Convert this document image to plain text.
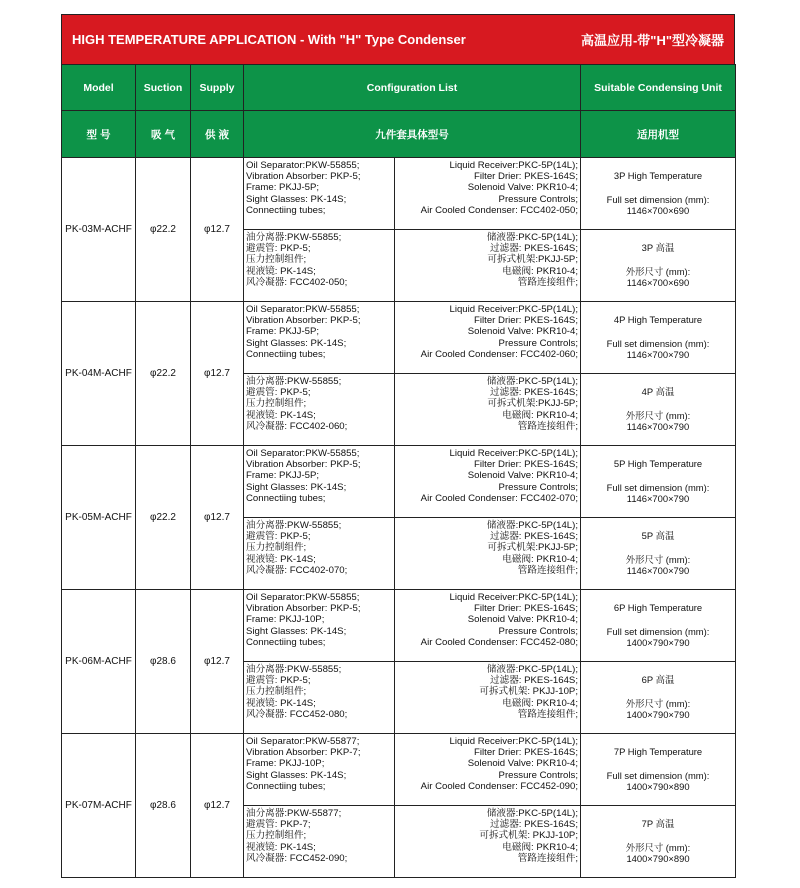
HIGH TEMPERATURE APPLICATION - With "H" Type Condenser	高温应用-带"H"型冷凝器
Model	Suction	Supply	Configuration List		Suitable Condensing Unit
型 号	吸 气	供 液	九件套具体型号		适用机型
PK-03M-ACHF	φ22.2	φ12.7	Oil Separator:PKW-55855;
Vibration Absorber: PKP-5;
Frame: PKJJ-5P;
Sight Glasses: PK-14S;
Connectiing tubes;	Liquid Receiver:PKC-5P(14L);
Filter Drier: PKES-164S;
Solenoid Valve: PKR10-4;
Pressure Controls;
Air Cooled Condenser: FCC402-050;	3P High Temperature
Full set dimension (mm):
1146×700×690

			油分离器:PKW-55855;
避震管: PKP-5;
压力控制组件;
视液镜: PK-14S;
风冷凝器: FCC402-050;	储液器:PKC-5P(14L);
过滤器: PKES-164S;
可拆式机架:PKJJ-5P;
电磁阀: PKR10-4;
管路连接组件;	3P 高温
外形尺寸 (mm):
1146×700×690

PK-04M-ACHF	φ22.2	φ12.7	Oil Separator:PKW-55855;
Vibration Absorber: PKP-5;
Frame: PKJJ-5P;
Sight Glasses: PK-14S;
Connectiing tubes;	Liquid Receiver:PKC-5P(14L);
Filter Drier: PKES-164S;
Solenoid Valve: PKR10-4;
Pressure Controls;
Air Cooled Condenser: FCC402-060;	4P High Temperature
Full set dimension (mm):
1146×700×790

			油分离器:PKW-55855;
避震管: PKP-5;
压力控制组件;
视液镜: PK-14S;
风冷凝器: FCC402-060;	储液器:PKC-5P(14L);
过滤器: PKES-164S;
可拆式机架:PKJJ-5P;
电磁阀: PKR10-4;
管路连接组件;	4P 高温
外形尺寸 (mm):
1146×700×790

PK-05M-ACHF	φ22.2	φ12.7	Oil Separator:PKW-55855;
Vibration Absorber: PKP-5;
Frame: PKJJ-5P;
Sight Glasses: PK-14S;
Connectiing tubes;	Liquid Receiver:PKC-5P(14L);
Filter Drier: PKES-164S;
Solenoid Valve: PKR10-4;
Pressure Controls;
Air Cooled Condenser: FCC402-070;	5P High Temperature
Full set dimension (mm):
1146×700×790

			油分离器:PKW-55855;
避震管: PKP-5;
压力控制组件;
视液镜: PK-14S;
风冷凝器: FCC402-070;	储液器:PKC-5P(14L);
过滤器: PKES-164S;
可拆式机架:PKJJ-5P;
电磁阀: PKR10-4;
管路连接组件;	5P 高温
外形尺寸 (mm):
1146×700×790

PK-06M-ACHF	φ28.6	φ12.7	Oil Separator:PKW-55855;
Vibration Absorber: PKP-5;
Frame: PKJJ-10P;
Sight Glasses: PK-14S;
Connectiing tubes;	Liquid Receiver:PKC-5P(14L);
Filter Drier: PKES-164S;
Solenoid Valve: PKR10-4;
Pressure Controls;
Air Cooled Condenser: FCC452-080;	6P High Temperature
Full set dimension (mm):
1400×790×790

			油分离器:PKW-55855;
避震管: PKP-5;
压力控制组件;
视液镜: PK-14S;
风冷凝器: FCC452-080;	储液器:PKC-5P(14L);
过滤器: PKES-164S;
可拆式机架: PKJJ-10P;
电磁阀: PKR10-4;
管路连接组件;	6P 高温
外形尺寸 (mm):
1400×790×790

PK-07M-ACHF	φ28.6	φ12.7	Oil Separator:PKW-55877;
Vibration Absorber: PKP-7;
Frame: PKJJ-10P;
Sight Glasses: PK-14S;
Connectiing tubes;	Liquid Receiver:PKC-5P(14L);
Filter Drier: PKES-164S;
Solenoid Valve: PKR10-4;
Pressure Controls;
Air Cooled Condenser: FCC452-090;	7P High Temperature
Full set dimension (mm):
1400×790×890

			油分离器:PKW-55877;
避震管: PKP-7;
压力控制组件;
视液镜: PK-14S;
风冷凝器: FCC452-090;	储液器:PKC-5P(14L);
过滤器: PKES-164S;
可拆式机架: PKJJ-10P;
电磁阀: PKR10-4;
管路连接组件;	7P 高温
外形尺寸 (mm):
1400×790×890
